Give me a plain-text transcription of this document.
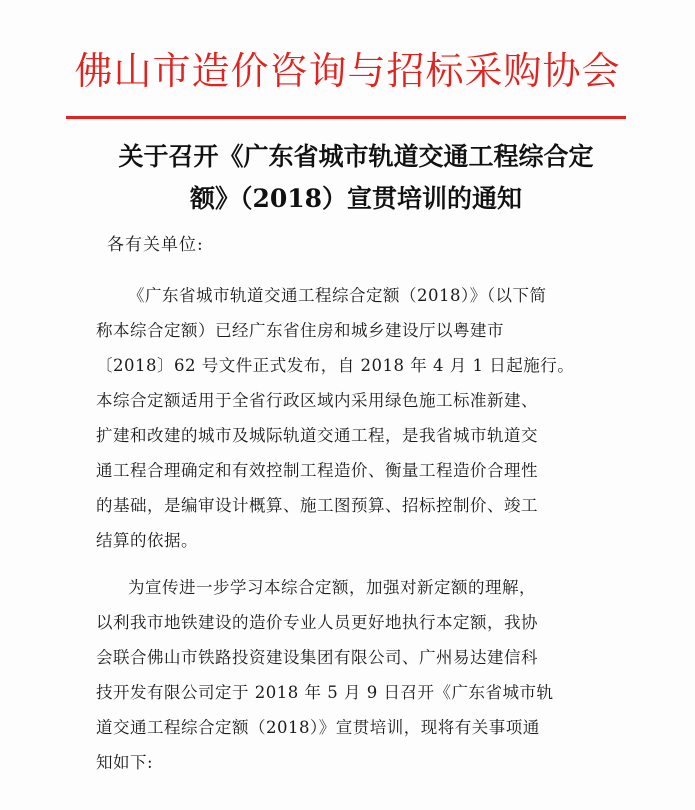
佛山市造价咨询与招标采购协会
关于召开《广东省城市轨道交通工程综合定
额》（2018）宣贯培训的通知
各有关单位:
《广东省城市轨道交通工程综合定额（2018）》（以下简
称本综合定额）已经广东省住房和城乡建设厅以粤建市
〔2018〕62 号文件正式发布，自 2018 年 4 月 1 日起施行。
本综合定额适用于全省行政区域内采用绿色施工标准新建、
扩建和改建的城市及城际轨道交通工程，是我省城市轨道交
通工程合理确定和有效控制工程造价、衡量工程造价合理性
的基础，是编审设计概算、施工图预算、招标控制价、竣工
结算的依据。
为宣传进一步学习本综合定额，加强对新定额的理解，
以利我市地铁建设的造价专业人员更好地执行本定额，我协
会联合佛山市铁路投资建设集团有限公司、广州易达建信科
技开发有限公司定于 2018 年 5 月 9 日召开《广东省城市轨
道交通工程综合定额（2018）》宣贯培训，现将有关事项通
知如下:
